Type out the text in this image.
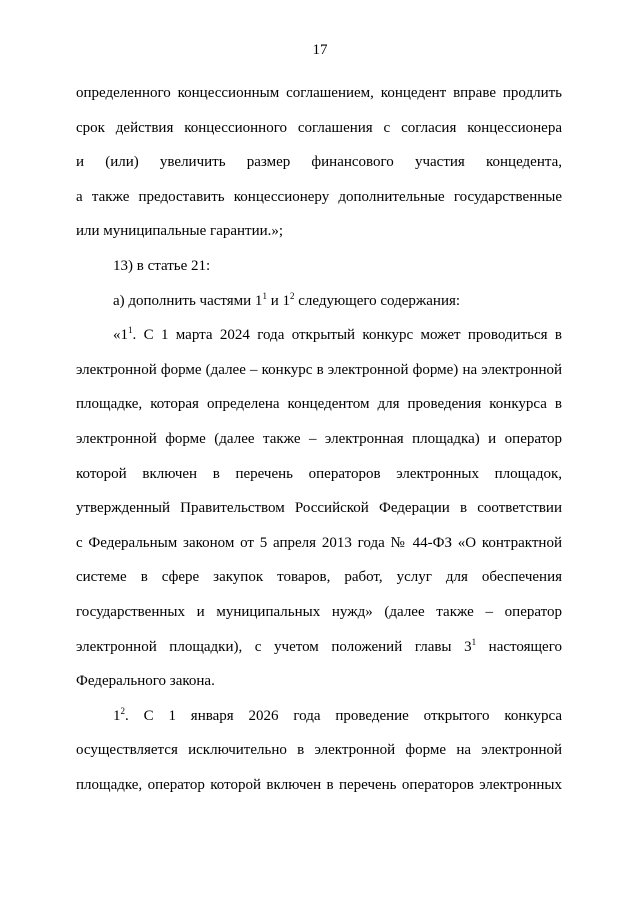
17
определенного концессионным соглашением, концедент вправе продлить
срок действия концессионного соглашения с согласия концессионера
и (или) увеличить размер финансового участия концедента,
а также предоставить концессионеру дополнительные государственные
или муниципальные гарантии.»;
13) в статье 21:
а) дополнить частями $1^1$ и $1^2$ следующего содержания:
«$1^1$. С 1 марта 2024 года открытый конкурс может проводиться в
электронной форме (далее – конкурс в электронной форме) на электронной
площадке, которая определена концедентом для проведения конкурса в
электронной форме (далее также – электронная площадка) и оператор
которой включен в перечень операторов электронных площадок,
утвержденный Правительством Российской Федерации в соответствии
с Федеральным законом от 5 апреля 2013 года № 44-ФЗ «О контрактной
системе в сфере закупок товаров, работ, услуг для обеспечения
государственных и муниципальных нужд» (далее также – оператор
электронной площадки), с учетом положений главы $3^1$ настоящего
Федерального закона.
$1^2$. С 1 января 2026 года проведение открытого конкурса
осуществляется исключительно в электронной форме на электронной
площадке, оператор которой включен в перечень операторов электронных
